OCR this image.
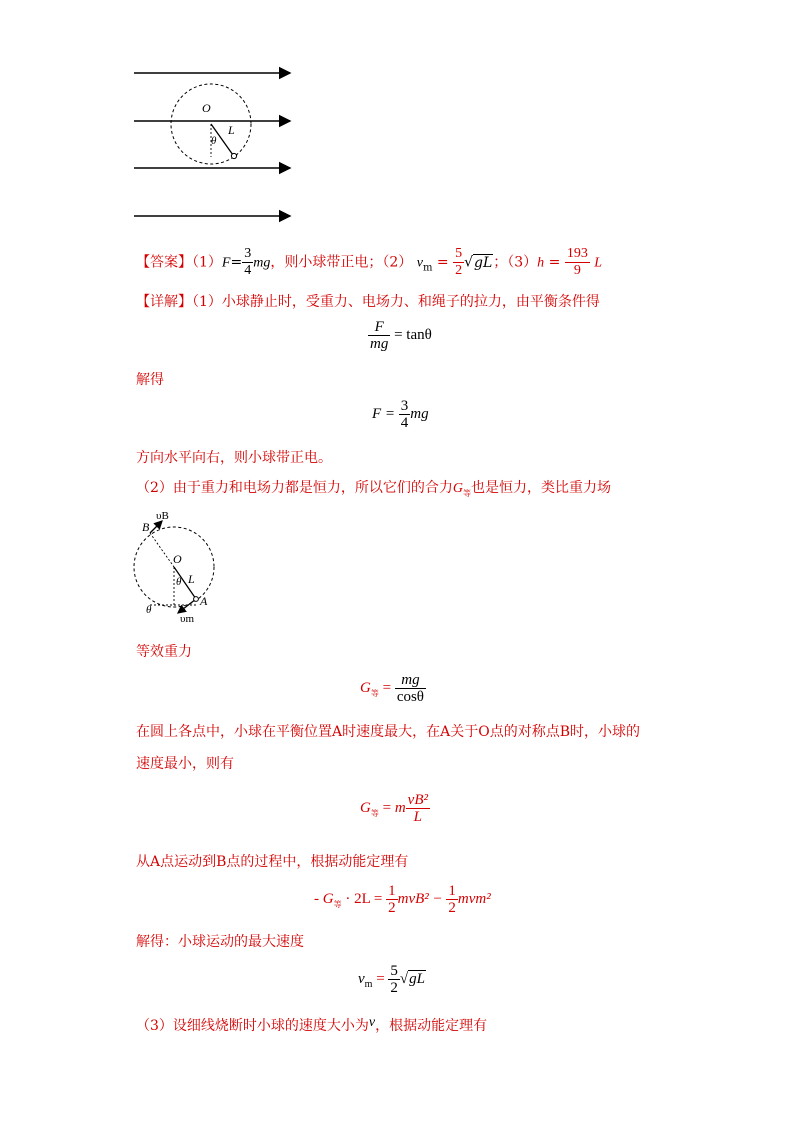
O
L
θ
【答案】$(1)F= \frac{3}{4}$ mg，则小球带正电；（2） $v_m = \frac{5}{2} √gL$；$(3)h = \frac{193}{9}$ L
【详解】（1）小球静止时，受重力、电场力、和绳子的拉力，由平衡条件得
$\frac{F}{mg} = \tan\theta$
解得
$F = \frac{3}{4}$ mg
方向水平向右，则小球带正电。
（2）由于重力和电场力都是恒力，所以它们的合力$G_等$也是恒力，类比重力场
υB
B
O
L
θ
A
υm
θ
等效重力
$G_等 = \frac{mg}{\cos\theta}$
在圆上各点中，小球在平衡位置A时速度最大，在A关于O点的对称点B时，小球的
速度最小，则有
$G_等 = m \frac{\text{vB²}}{L}$
从A点运动到B点的过程中，根据动能定理有
- $G_等 \cdot 2L = \frac{1}{2} mvB^2 - \frac{1}{2} mvm^2$
解得：小球运动的最大速度
$v_m = \frac{5}{2} √gL$
（3）设细线烧断时小球的速度大小为v，根据动能定理有
